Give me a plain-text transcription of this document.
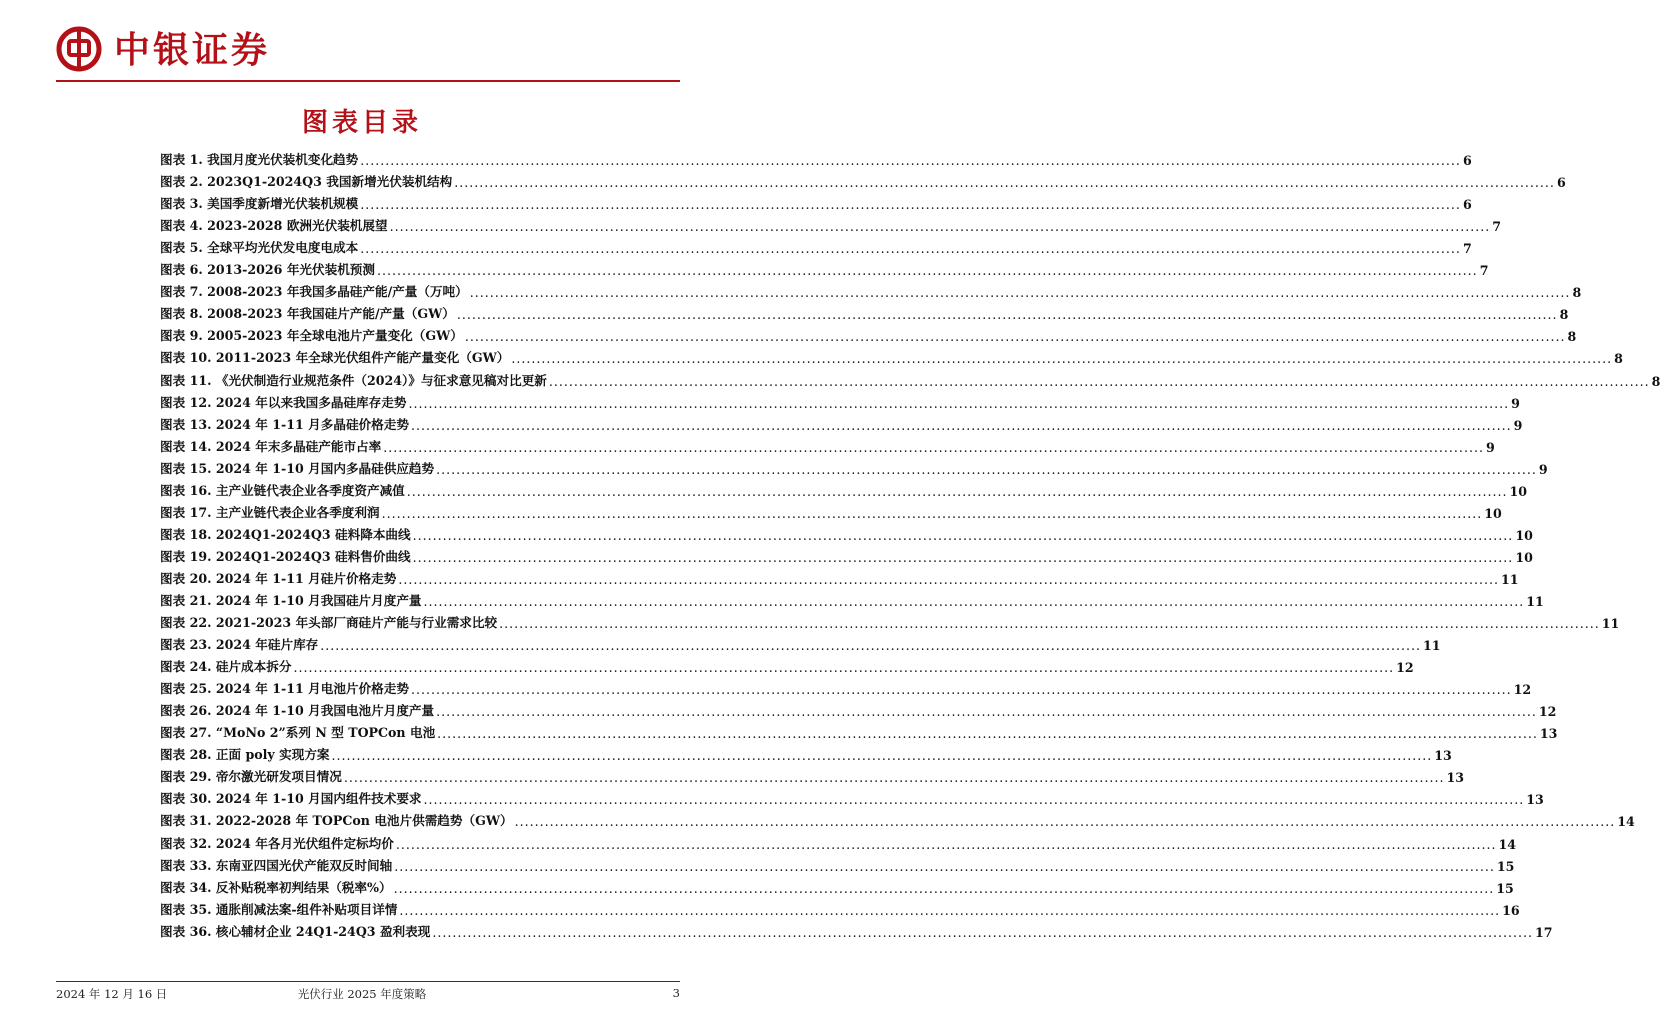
中银证券
图表目录
图表 1. 我国月度光伏装机变化趋势 ............................................................................................................................................................................................................................ 6
图表 2. 2023Q1-2024Q3 我国新增光伏装机结构 ............................................................................................................................................................................................................................ 6
图表 3. 美国季度新增光伏装机规模 ............................................................................................................................................................................................................................ 6
图表 4. 2023-2028 欧洲光伏装机展望 ............................................................................................................................................................................................................................ 7
图表 5. 全球平均光伏发电度电成本 ............................................................................................................................................................................................................................ 7
图表 6. 2013-2026 年光伏装机预测 ............................................................................................................................................................................................................................ 7
图表 7. 2008-2023 年我国多晶硅产能/产量（万吨） ............................................................................................................................................................................................................................ 8
图表 8. 2008-2023 年我国硅片产能/产量（GW） ............................................................................................................................................................................................................................ 8
图表 9. 2005-2023 年全球电池片产量变化（GW） ............................................................................................................................................................................................................................ 8
图表 10. 2011-2023 年全球光伏组件产能产量变化（GW） ............................................................................................................................................................................................................................ 8
图表 11. 《光伏制造行业规范条件（2024）》与征求意见稿对比更新 ............................................................................................................................................................................................................................ 8
图表 12. 2024 年以来我国多晶硅库存走势 ............................................................................................................................................................................................................................ 9
图表 13. 2024 年 1-11 月多晶硅价格走势 ............................................................................................................................................................................................................................ 9
图表 14. 2024 年末多晶硅产能市占率 ............................................................................................................................................................................................................................ 9
图表 15. 2024 年 1-10 月国内多晶硅供应趋势 ............................................................................................................................................................................................................................ 9
图表 16. 主产业链代表企业各季度资产减值 ............................................................................................................................................................................................................................ 10
图表 17. 主产业链代表企业各季度利润 ............................................................................................................................................................................................................................ 10
图表 18. 2024Q1-2024Q3 硅料降本曲线 ............................................................................................................................................................................................................................ 10
图表 19. 2024Q1-2024Q3 硅料售价曲线 ............................................................................................................................................................................................................................ 10
图表 20. 2024 年 1-11 月硅片价格走势 ............................................................................................................................................................................................................................ 11
图表 21. 2024 年 1-10 月我国硅片月度产量 ............................................................................................................................................................................................................................ 11
图表 22. 2021-2023 年头部厂商硅片产能与行业需求比较 ............................................................................................................................................................................................................................ 11
图表 23. 2024 年硅片库存 ............................................................................................................................................................................................................................ 11
图表 24. 硅片成本拆分 ............................................................................................................................................................................................................................ 12
图表 25. 2024 年 1-11 月电池片价格走势 ............................................................................................................................................................................................................................ 12
图表 26. 2024 年 1-10 月我国电池片月度产量 ............................................................................................................................................................................................................................ 12
图表 27. “MoNo 2”系列 N 型 TOPCon 电池 ............................................................................................................................................................................................................................ 13
图表 28. 正面 poly 实现方案 ............................................................................................................................................................................................................................ 13
图表 29. 帝尔激光研发项目情况 ............................................................................................................................................................................................................................ 13
图表 30. 2024 年 1-10 月国内组件技术要求 ............................................................................................................................................................................................................................ 13
图表 31. 2022-2028 年 TOPCon 电池片供需趋势（GW） ............................................................................................................................................................................................................................ 14
图表 32. 2024 年各月光伏组件定标均价 ............................................................................................................................................................................................................................ 14
图表 33. 东南亚四国光伏产能双反时间轴 ............................................................................................................................................................................................................................ 15
图表 34. 反补贴税率初判结果（税率%） ............................................................................................................................................................................................................................ 15
图表 35. 通胀削减法案-组件补贴项目详情 ............................................................................................................................................................................................................................ 16
图表 36. 核心辅材企业 24Q1-24Q3 盈利表现 ............................................................................................................................................................................................................................ 17
2024 年 12 月 16 日	光伏行业 2025 年度策略	3
